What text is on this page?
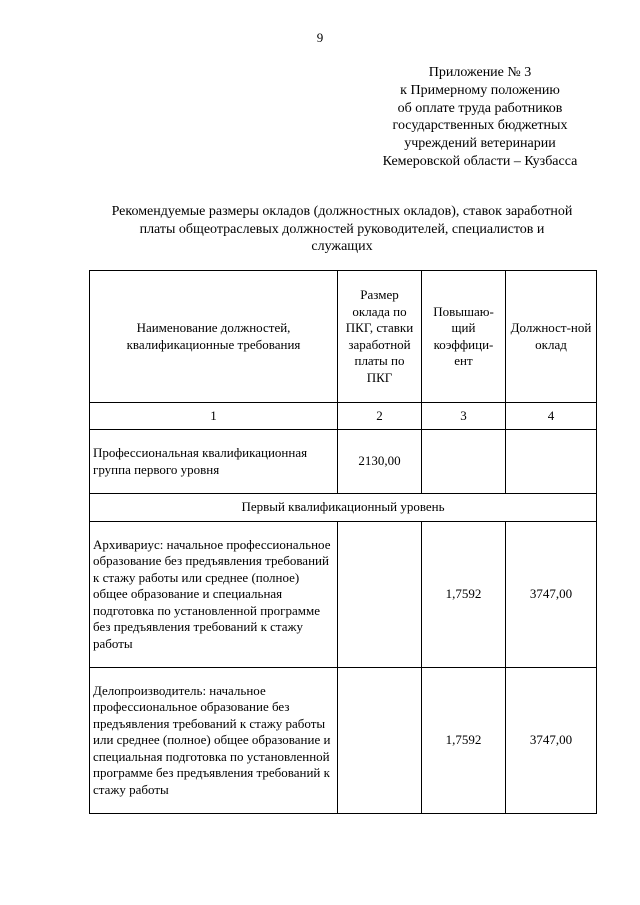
9
Приложение № 3
к Примерному положению
об оплате труда работников
государственных бюджетных
учреждений ветеринарии
Кемеровской области – Кузбасса
Рекомендуемые размеры окладов (должностных окладов), ставок заработной
платы общеотраслевых должностей руководителей, специалистов и
служащих
Наименование должностей, квалификационные требования	Размер оклада по ПКГ, ставки заработной платы по ПКГ	Повышаю-щий коэффици-ент	Должност-ной оклад
1	2	3	4
Профессиональная квалификационная группа первого уровня	2130,00		
Первый квалификационный уровень			
Архивариус: начальное профессиональное образование без предъявления требований к стажу работы или среднее (полное) общее образование и специальная подготовка по установленной программе без предъявления требований к стажу работы		1,7592	3747,00
Делопроизводитель: начальное профессиональное образование без предъявления требований к стажу работы или среднее (полное) общее образование и специальная подготовка по установленной программе без предъявления требований к стажу работы		1,7592	3747,00
